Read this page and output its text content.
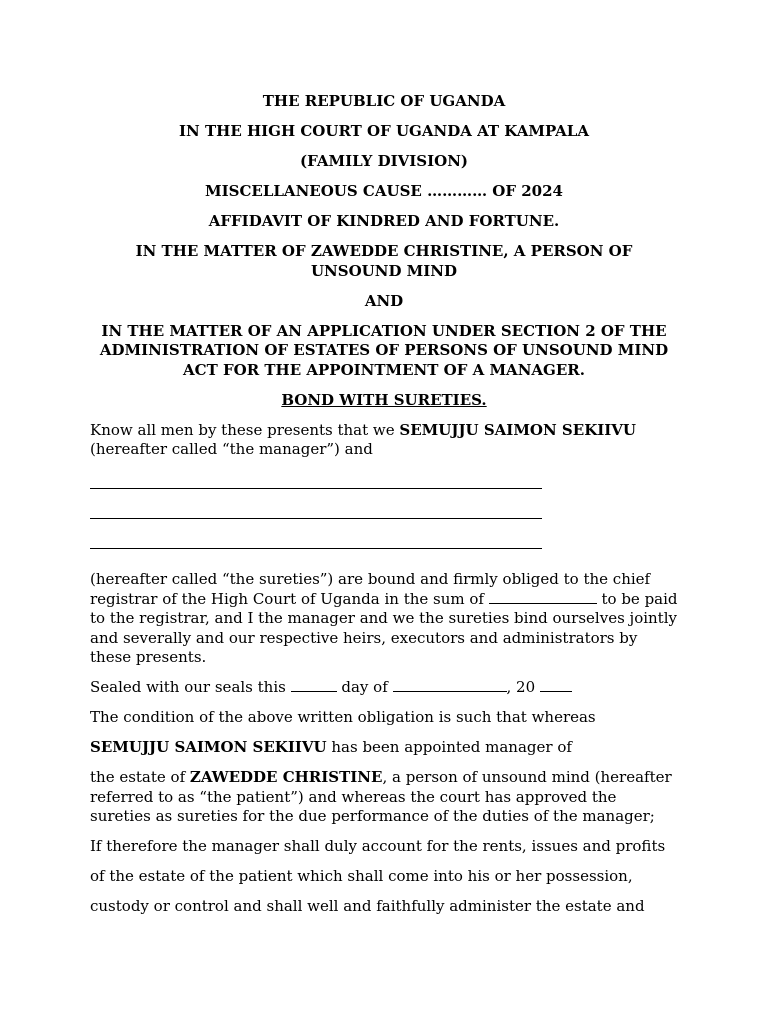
THE REPUBLIC OF UGANDA
IN THE HIGH COURT OF UGANDA AT KAMPALA
(FAMILY DIVISION)
MISCELLANEOUS CAUSE ………… OF 2024
AFFIDAVIT OF KINDRED AND FORTUNE.
IN THE MATTER OF ZAWEDDE CHRISTINE, A PERSON OF UNSOUND MIND
AND
IN THE MATTER OF AN APPLICATION UNDER SECTION 2 OF THE ADMINISTRATION OF ESTATES OF PERSONS OF UNSOUND MIND ACT FOR THE APPOINTMENT OF A MANAGER.
BOND WITH SURETIES.
Know all men by these presents that we SEMUJJU SAIMON SEKIIVU
(hereafter called “the manager”) and
(hereafter called “the sureties”) are bound and firmly obliged to the chief registrar of the High Court of Uganda in the sum of	to be paid to the registrar, and I the manager and we the sureties bind ourselves jointly and severally and our respective heirs, executors and administrators by these presents.
Sealed with our seals this	day of	, 20
The condition of the above written obligation is such that whereas
SEMUJJU SAIMON SEKIIVU has been appointed manager of
the estate of ZAWEDDE CHRISTINE, a person of unsound mind (hereafter referred to as “the patient”) and whereas the court has approved the sureties as sureties for the due performance of the duties of the manager;
If therefore the manager shall duly account for the rents, issues and profits
of the estate of the patient which shall come into his or her possession,
custody or control and shall well and faithfully administer the estate and
